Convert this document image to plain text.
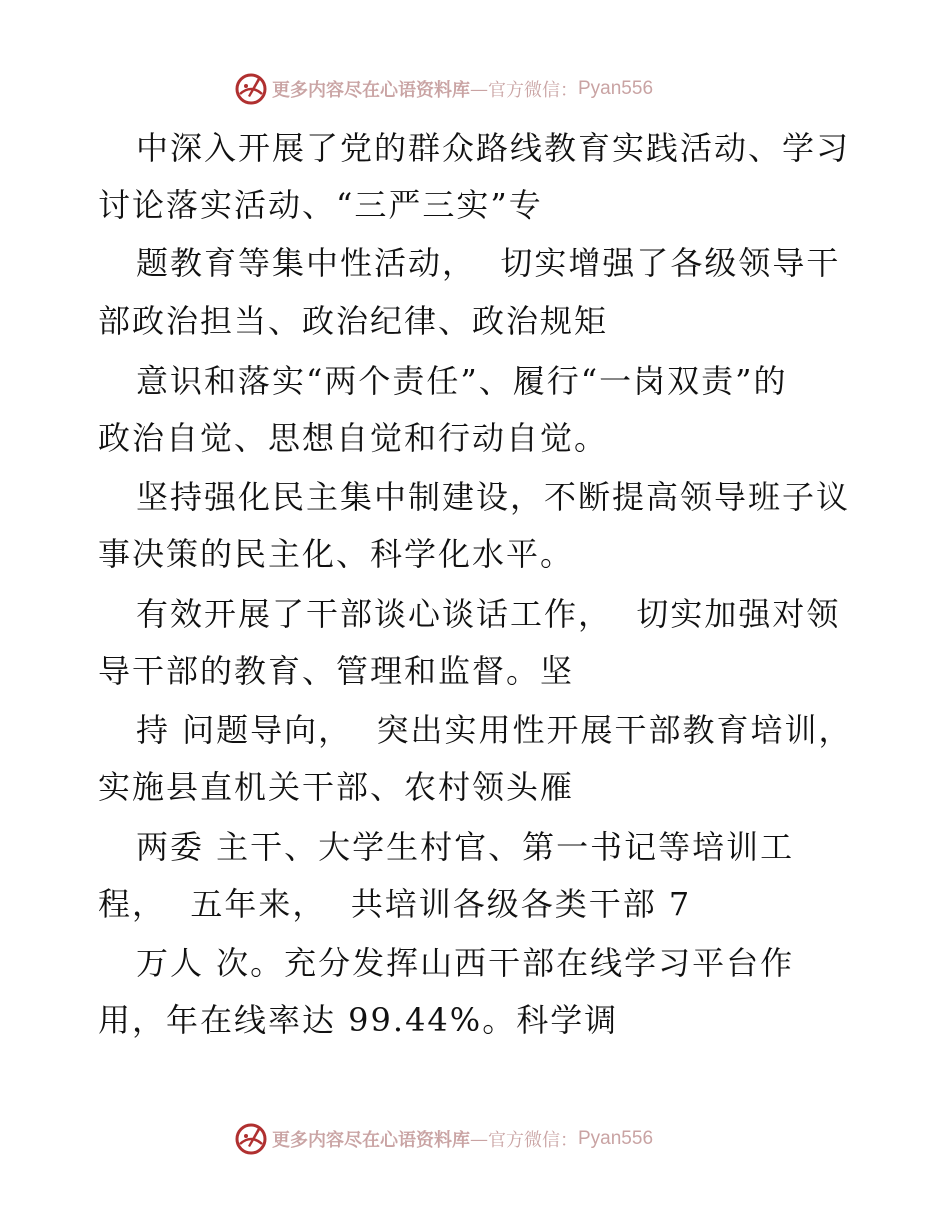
更多内容尽在心语资料库 — 官方微信： Pyan556
中深入开展了党的群众路线教育实践活动、学习
讨论落实活动、“三严三实”专
题教育等集中性活动，  切实增强了各级领导干
部政治担当、政治纪律、政治规矩
意识和落实“两个责任”、履行“一岗双责”的
政治自觉、思想自觉和行动自觉。
坚持强化民主集中制建设，不断提高领导班子议
事决策的民主化、科学化水平。
有效开展了干部谈心谈话工作，  切实加强对领
导干部的教育、管理和监督。坚
持 问题导向，  突出实用性开展干部教育培训，
实施县直机关干部、农村领头雁
两委 主干、大学生村官、第一书记等培训工
程，  五年来，  共培训各级各类干部 7
万人 次。充分发挥山西干部在线学习平台作
用，年在线率达 99.44%。科学调
更多内容尽在心语资料库 — 官方微信： Pyan556
